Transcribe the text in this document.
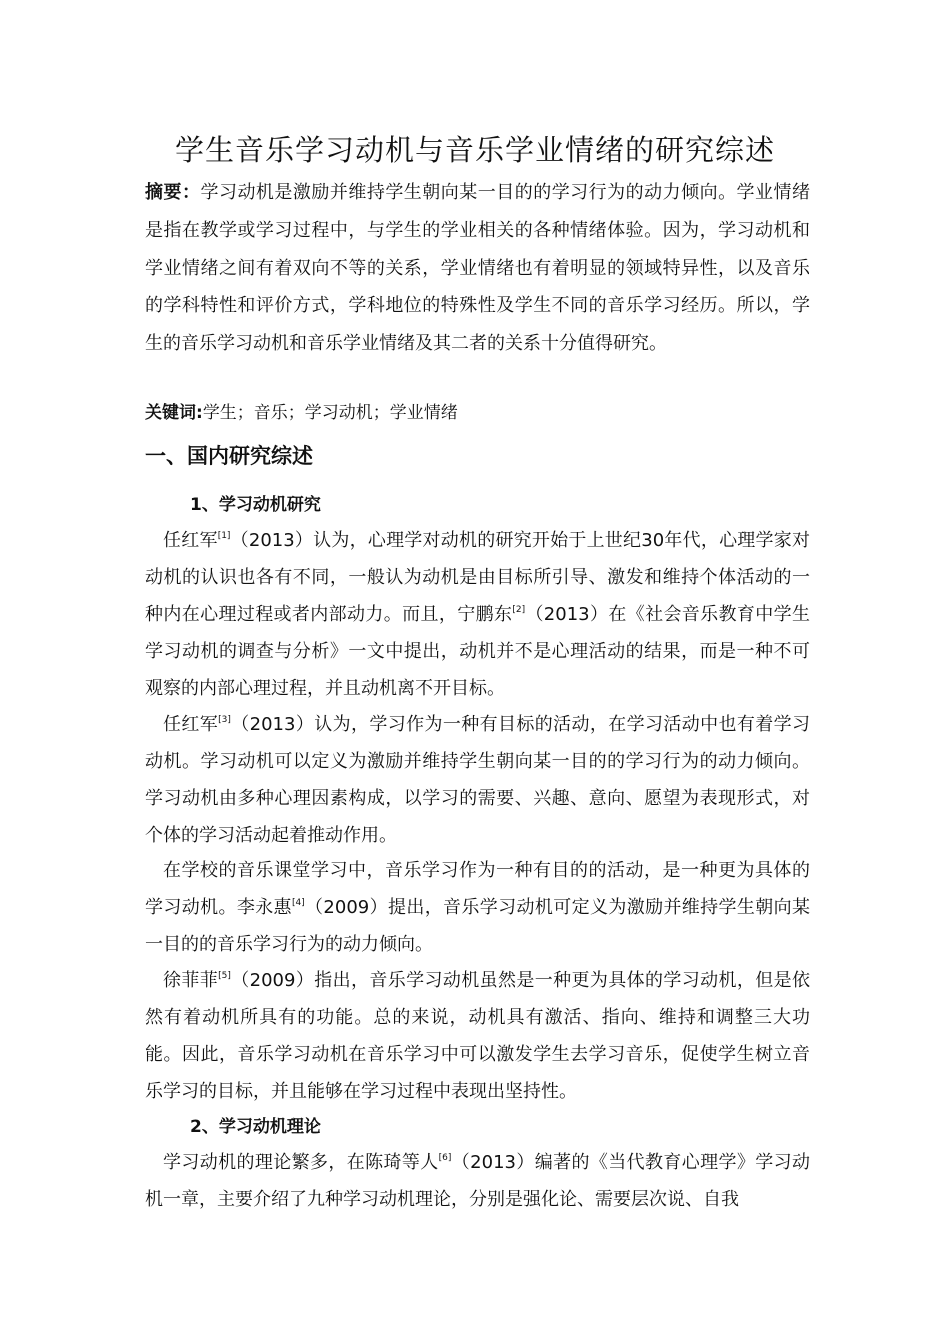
学生音乐学习动机与音乐学业情绪的研究综述
摘要：学习动机是激励并维持学生朝向某一目的的学习行为的动力倾向。学业情绪是指在教学或学习过程中，与学生的学业相关的各种情绪体验。因为，学习动机和学业情绪之间有着双向不等的关系，学业情绪也有着明显的领域特异性，以及音乐的学科特性和评价方式，学科地位的特殊性及学生不同的音乐学习经历。所以，学生的音乐学习动机和音乐学业情绪及其二者的关系十分值得研究。
关键词:学生；音乐；学习动机；学业情绪
一、国内研究综述
1、学习动机研究
任红军[1]（2013）认为，心理学对动机的研究开始于上世纪30年代，心理学家对动机的认识也各有不同，一般认为动机是由目标所引导、激发和维持个体活动的一种内在心理过程或者内部动力。而且，宁鹏东[2]（2013）在《社会音乐教育中学生学习动机的调查与分析》一文中提出，动机并不是心理活动的结果，而是一种不可观察的内部心理过程，并且动机离不开目标。
任红军[3]（2013）认为，学习作为一种有目标的活动，在学习活动中也有着学习动机。学习动机可以定义为激励并维持学生朝向某一目的的学习行为的动力倾向。学习动机由多种心理因素构成，以学习的需要、兴趣、意向、愿望为表现形式，对个体的学习活动起着推动作用。
在学校的音乐课堂学习中，音乐学习作为一种有目的的活动，是一种更为具体的学习动机。李永惠[4]（2009）提出，音乐学习动机可定义为激励并维持学生朝向某一目的的音乐学习行为的动力倾向。
徐菲菲[5]（2009）指出，音乐学习动机虽然是一种更为具体的学习动机，但是依然有着动机所具有的功能。总的来说，动机具有激活、指向、维持和调整三大功能。因此，音乐学习动机在音乐学习中可以激发学生去学习音乐，促使学生树立音乐学习的目标，并且能够在学习过程中表现出坚持性。
2、学习动机理论
学习动机的理论繁多，在陈琦等人[6]（2013）编著的《当代教育心理学》学习动机一章，主要介绍了九种学习动机理论，分别是强化论、需要层次说、自我
